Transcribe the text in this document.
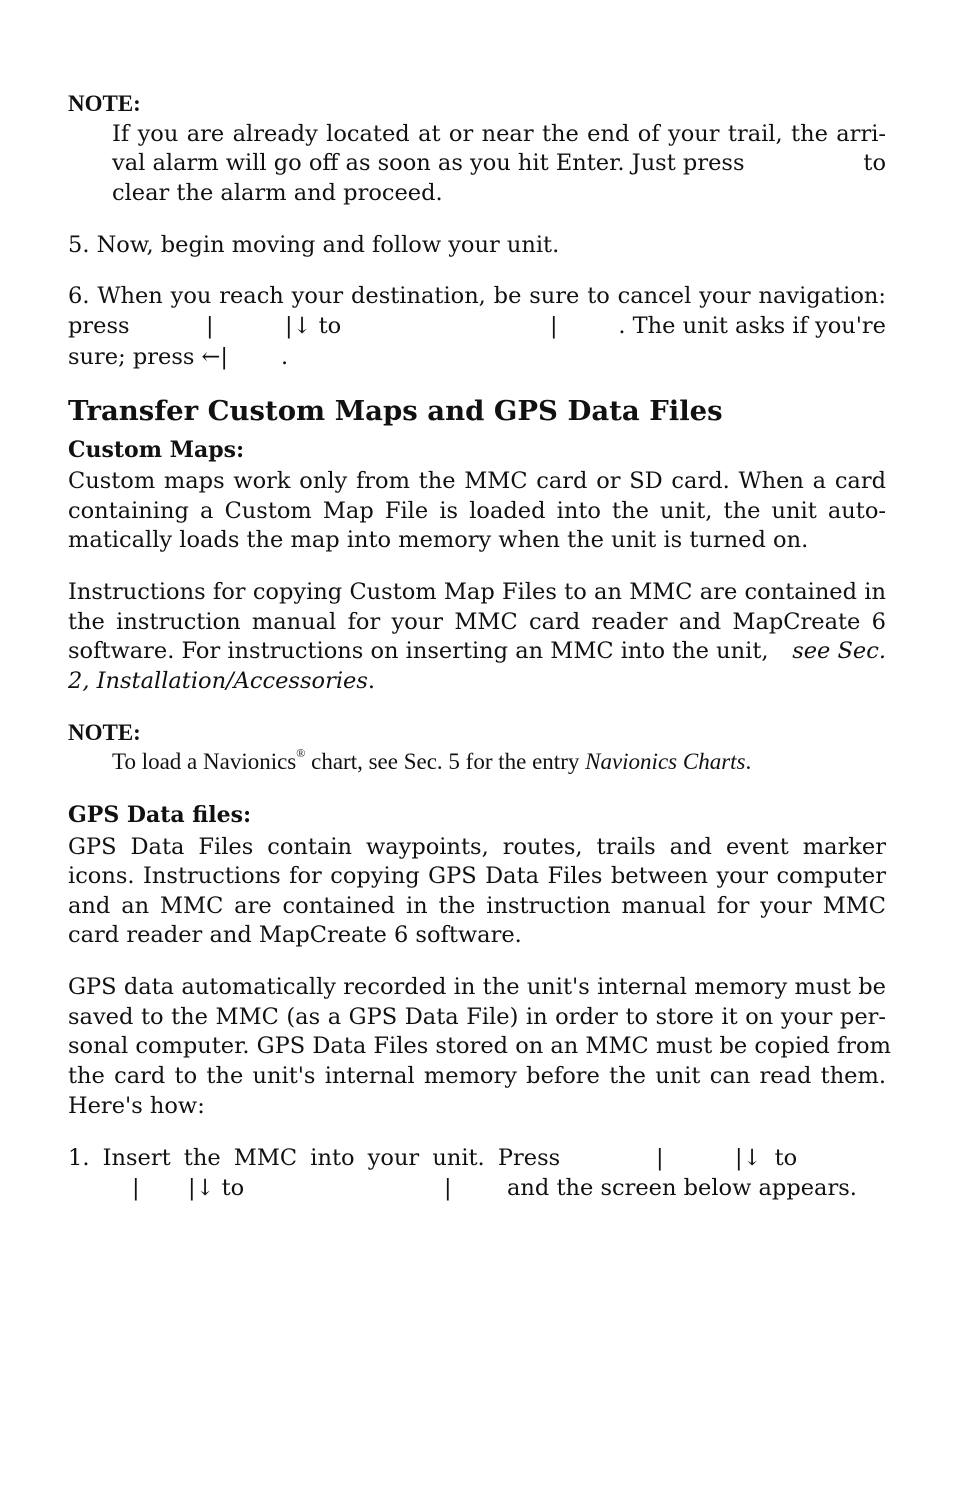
NOTE:
If you are already located at or near the end of your trail, the arri-
val alarm will go off as soon as you hit Enter. Just press	to
clear the alarm and proceed.
5. Now, begin moving and follow your unit.
6. When you reach your destination, be sure to cancel your navigation:
press	|	|↓ to	|	. The unit asks if you're
sure; press ←| .
Transfer Custom Maps and GPS Data Files
Custom Maps:
Custom maps work only from the MMC card or SD card. When a card
containing a Custom Map File is loaded into the unit, the unit auto-
matically loads the map into memory when the unit is turned on.
Instructions for copying Custom Map Files to an MMC are contained in
the instruction manual for your MMC card reader and MapCreate 6
software. For instructions on inserting an MMC into the unit, see Sec.
2, Installation/Accessories.
NOTE:
To load a Navionics® chart, see Sec. 5 for the entry Navionics Charts.
GPS Data files:
GPS Data Files contain waypoints, routes, trails and event marker
icons. Instructions for copying GPS Data Files between your computer
and an MMC are contained in the instruction manual for your MMC
card reader and MapCreate 6 software.
GPS data automatically recorded in the unit's internal memory must be
saved to the MMC (as a GPS Data File) in order to store it on your per-
sonal computer. GPS Data Files stored on an MMC must be copied from
the card to the unit's internal memory before the unit can read them.
Here's how:
1. Insert the MMC into your unit. Press	|	|↓ to
| |↓ to	| and the screen below appears.
